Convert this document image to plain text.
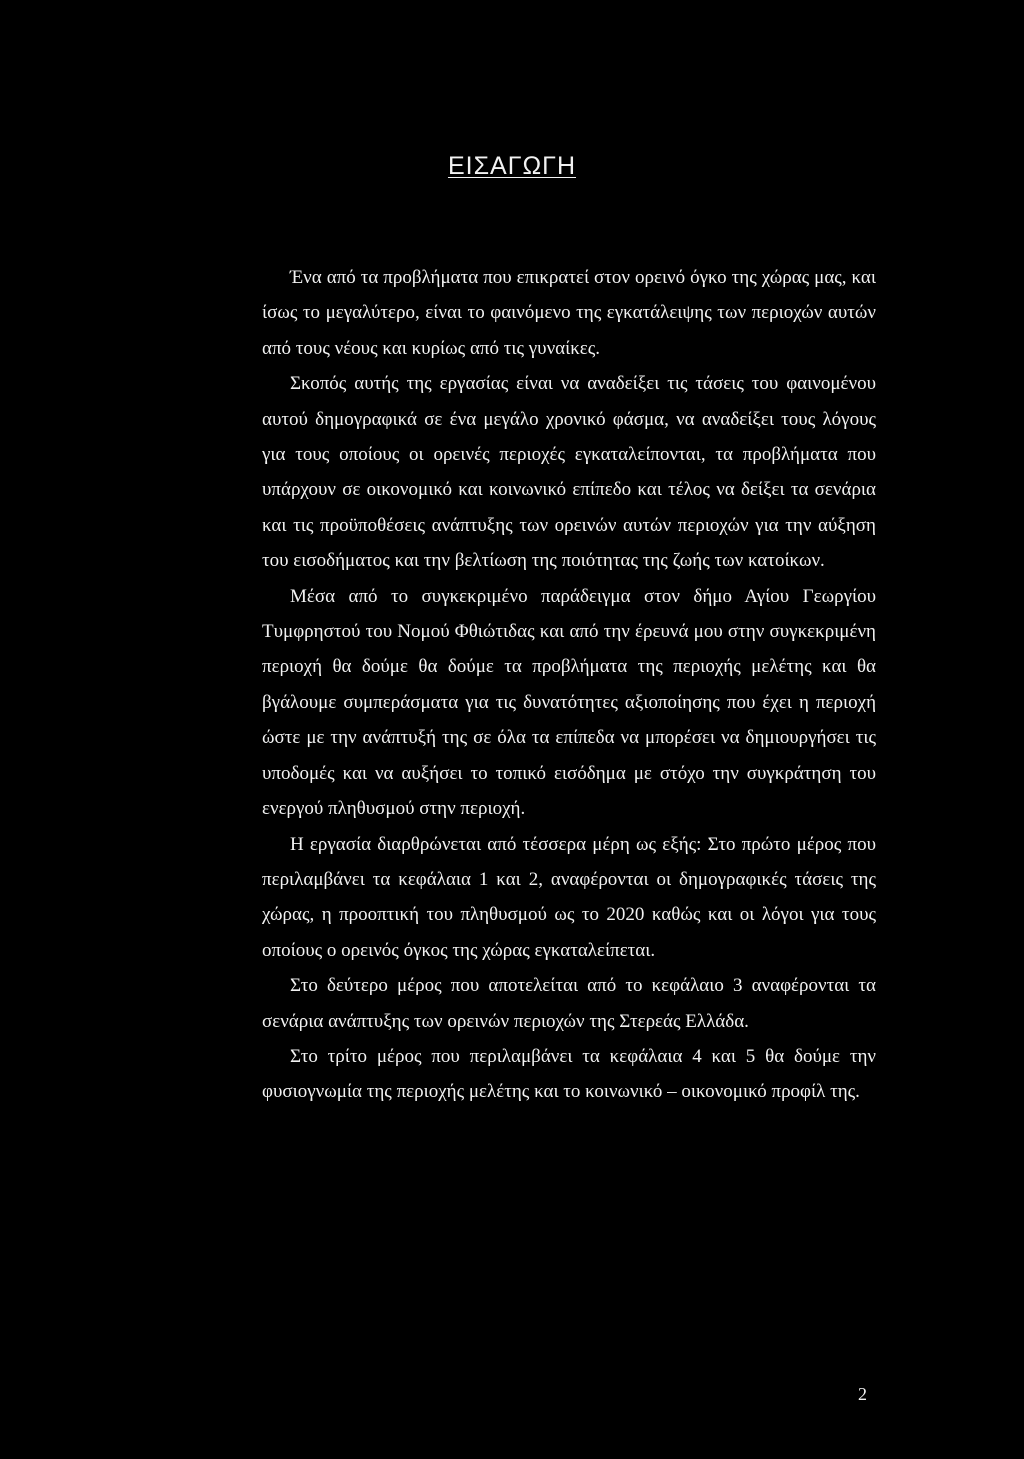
ΕΙΣΑΓΩΓΗ

Ένα από τα προβλήματα που επικρατεί στον ορεινό όγκο της χώρας μας, και ίσως το μεγαλύτερο, είναι το φαινόμενο της εγκατάλειψης των περιοχών αυτών από τους νέους και κυρίως από τις γυναίκες.

Σκοπός αυτής της εργασίας είναι να αναδείξει τις τάσεις του φαινομένου αυτού δημογραφικά σε ένα μεγάλο χρονικό φάσμα, να αναδείξει τους λόγους για τους οποίους οι ορεινές περιοχές εγκαταλείπονται, τα προβλήματα που υπάρχουν σε οικονομικό και κοινωνικό επίπεδο και τέλος να δείξει τα σενάρια και τις προϋποθέσεις ανάπτυξης των ορεινών αυτών περιοχών για την αύξηση του εισοδήματος και την βελτίωση της ποιότητας της ζωής των κατοίκων.

Μέσα από το συγκεκριμένο παράδειγμα στον δήμο Αγίου Γεωργίου Τυμφρηστού του Νομού Φθιώτιδας και από την έρευνά μου στην συγκεκριμένη περιοχή θα δούμε θα δούμε τα προβλήματα της περιοχής μελέτης και θα βγάλουμε συμπεράσματα για τις δυνατότητες αξιοποίησης που έχει η περιοχή ώστε με την ανάπτυξή της σε όλα τα επίπεδα να μπορέσει να δημιουργήσει τις υποδομές και να αυξήσει το τοπικό εισόδημα με στόχο την συγκράτηση του ενεργού πληθυσμού στην περιοχή.

Η εργασία διαρθρώνεται από τέσσερα μέρη ως εξής: Στο πρώτο μέρος που περιλαμβάνει τα κεφάλαια 1 και 2, αναφέρονται οι δημογραφικές τάσεις της χώρας, η προοπτική του πληθυσμού ως το 2020 καθώς και οι λόγοι για τους οποίους ο ορεινός όγκος της χώρας εγκαταλείπεται.

Στο δεύτερο μέρος που αποτελείται από το κεφάλαιο 3 αναφέρονται τα σενάρια ανάπτυξης των ορεινών περιοχών της Στερεάς Ελλάδα.

Στο τρίτο μέρος που περιλαμβάνει τα κεφάλαια 4 και 5 θα δούμε την φυσιογνωμία της περιοχής μελέτης και το κοινωνικό – οικονομικό προφίλ της.

2
